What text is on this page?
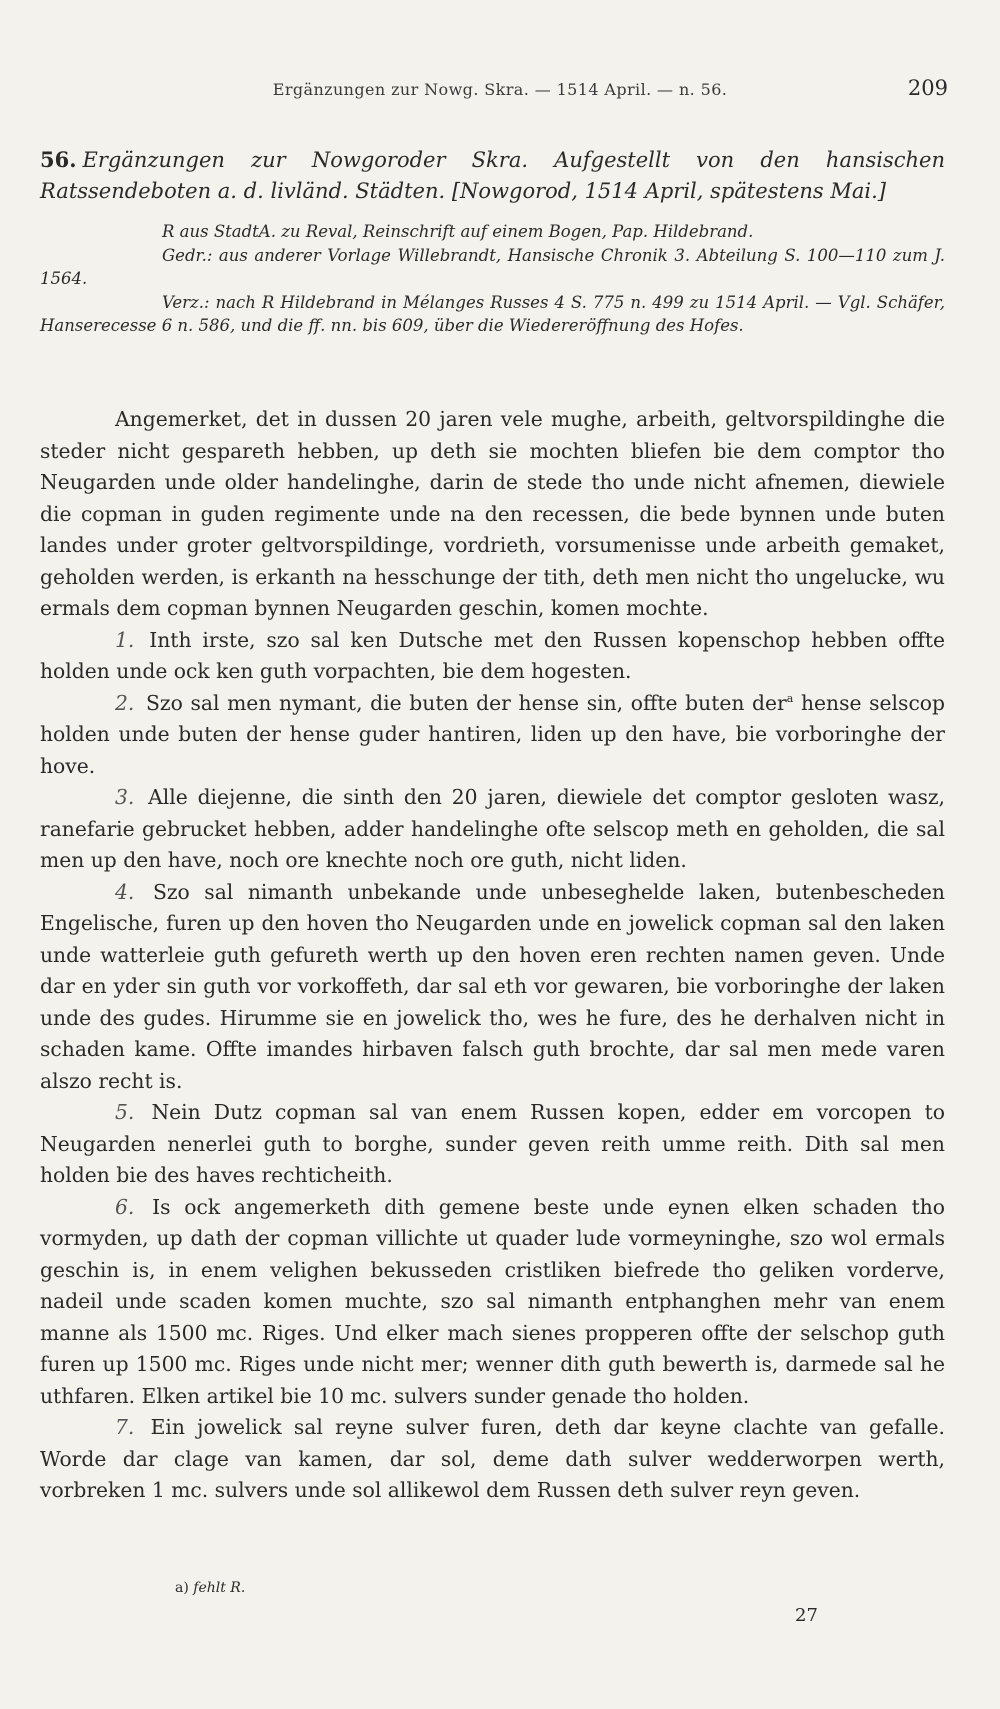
Ergänzungen zur Nowg. Skra. — 1514 April. — n. 56.	209
56. Ergänzungen zur Nowgoroder Skra. Aufgestellt von den hansischen Ratssendeboten a. d. livländ. Städten. [Nowgorod, 1514 April, spätestens Mai.]

R aus StadtA. zu Reval, Reinschrift auf einem Bogen, Pap. Hildebrand.

Gedr.: aus anderer Vorlage Willebrandt, Hansische Chronik 3. Abteilung S. 100—110 zum J. 1564.

Verz.: nach R Hildebrand in Mélanges Russes 4 S. 775 n. 499 zu 1514 April. — Vgl. Schäfer, Hanserecesse 6 n. 586, und die ff. nn. bis 609, über die Wiedereröffnung des Hofes.

Angemerket, det in dussen 20 jaren vele mughe, arbeith, geltvorspildinghe die steder nicht gespareth hebben, up deth sie mochten bliefen bie dem comptor tho Neugarden unde older handelinghe, darin de stede tho unde nicht afnemen, diewiele die copman in guden regimente unde na den recessen, die bede bynnen unde buten landes under groter geltvorspildinge, vordrieth, vorsumenisse unde arbeith gemaket, geholden werden, is erkanth na hesschunge der tith, deth men nicht tho ungelucke, wu ermals dem copman bynnen Neugarden geschin, komen mochte.

1. Inth irste, szo sal ken Dutsche met den Russen kopenschop hebben offte holden unde ock ken guth vorpachten, bie dem hogesten.

2. Szo sal men nymant, die buten der hense sin, offte buten der$^a$ hense selscop holden unde buten der hense guder hantiren, liden up den have, bie vorboringhe der hove.

3. Alle diejenne, die sinth den 20 jaren, diewiele det comptor gesloten wasz, ranefarie gebrucket hebben, adder handelinghe ofte selscop meth en geholden, die sal men up den have, noch ore knechte noch ore guth, nicht liden.

4. Szo sal nimanth unbekande unde unbeseghelde laken, butenbescheden Engelische, furen up den hoven tho Neugarden unde en jowelick copman sal den laken unde watterleie guth gefureth werth up den hoven eren rechten namen geven. Unde dar en yder sin guth vor vorkoffeth, dar sal eth vor gewaren, bie vorboringhe der laken unde des gudes. Hirumme sie en jowelick tho, wes he fure, des he derhalven nicht in schaden kame. Offte imandes hirbaven falsch guth brochte, dar sal men mede varen alszo recht is.

5. Nein Dutz copman sal van enem Russen kopen, edder em vorcopen to Neugarden nenerlei guth to borghe, sunder geven reith umme reith. Dith sal men holden bie des haves rechticheith.

6. Is ock angemerketh dith gemene beste unde eynen elken schaden tho vormyden, up dath der copman villichte ut quader lude vormeyninghe, szo wol ermals geschin is, in enem velighen bekusseden cristliken biefrede tho geliken vorderve, nadeil unde scaden komen muchte, szo sal nimanth entphanghen mehr van enem manne als 1500 mc. Riges. Und elker mach sienes propperen offte der selschop guth furen up 1500 mc. Riges unde nicht mer; wenner dith guth bewerth is, darmede sal he uthfaren. Elken artikel bie 10 mc. sulvers sunder genade tho holden.

7. Ein jowelick sal reyne sulver furen, deth dar keyne clachte van gefalle. Worde dar clage van kamen, dar sol, deme dath sulver wedderworpen werth, vorbreken 1 mc. sulvers unde sol allikewol dem Russen deth sulver reyn geven.

a) fehlt R.
27
